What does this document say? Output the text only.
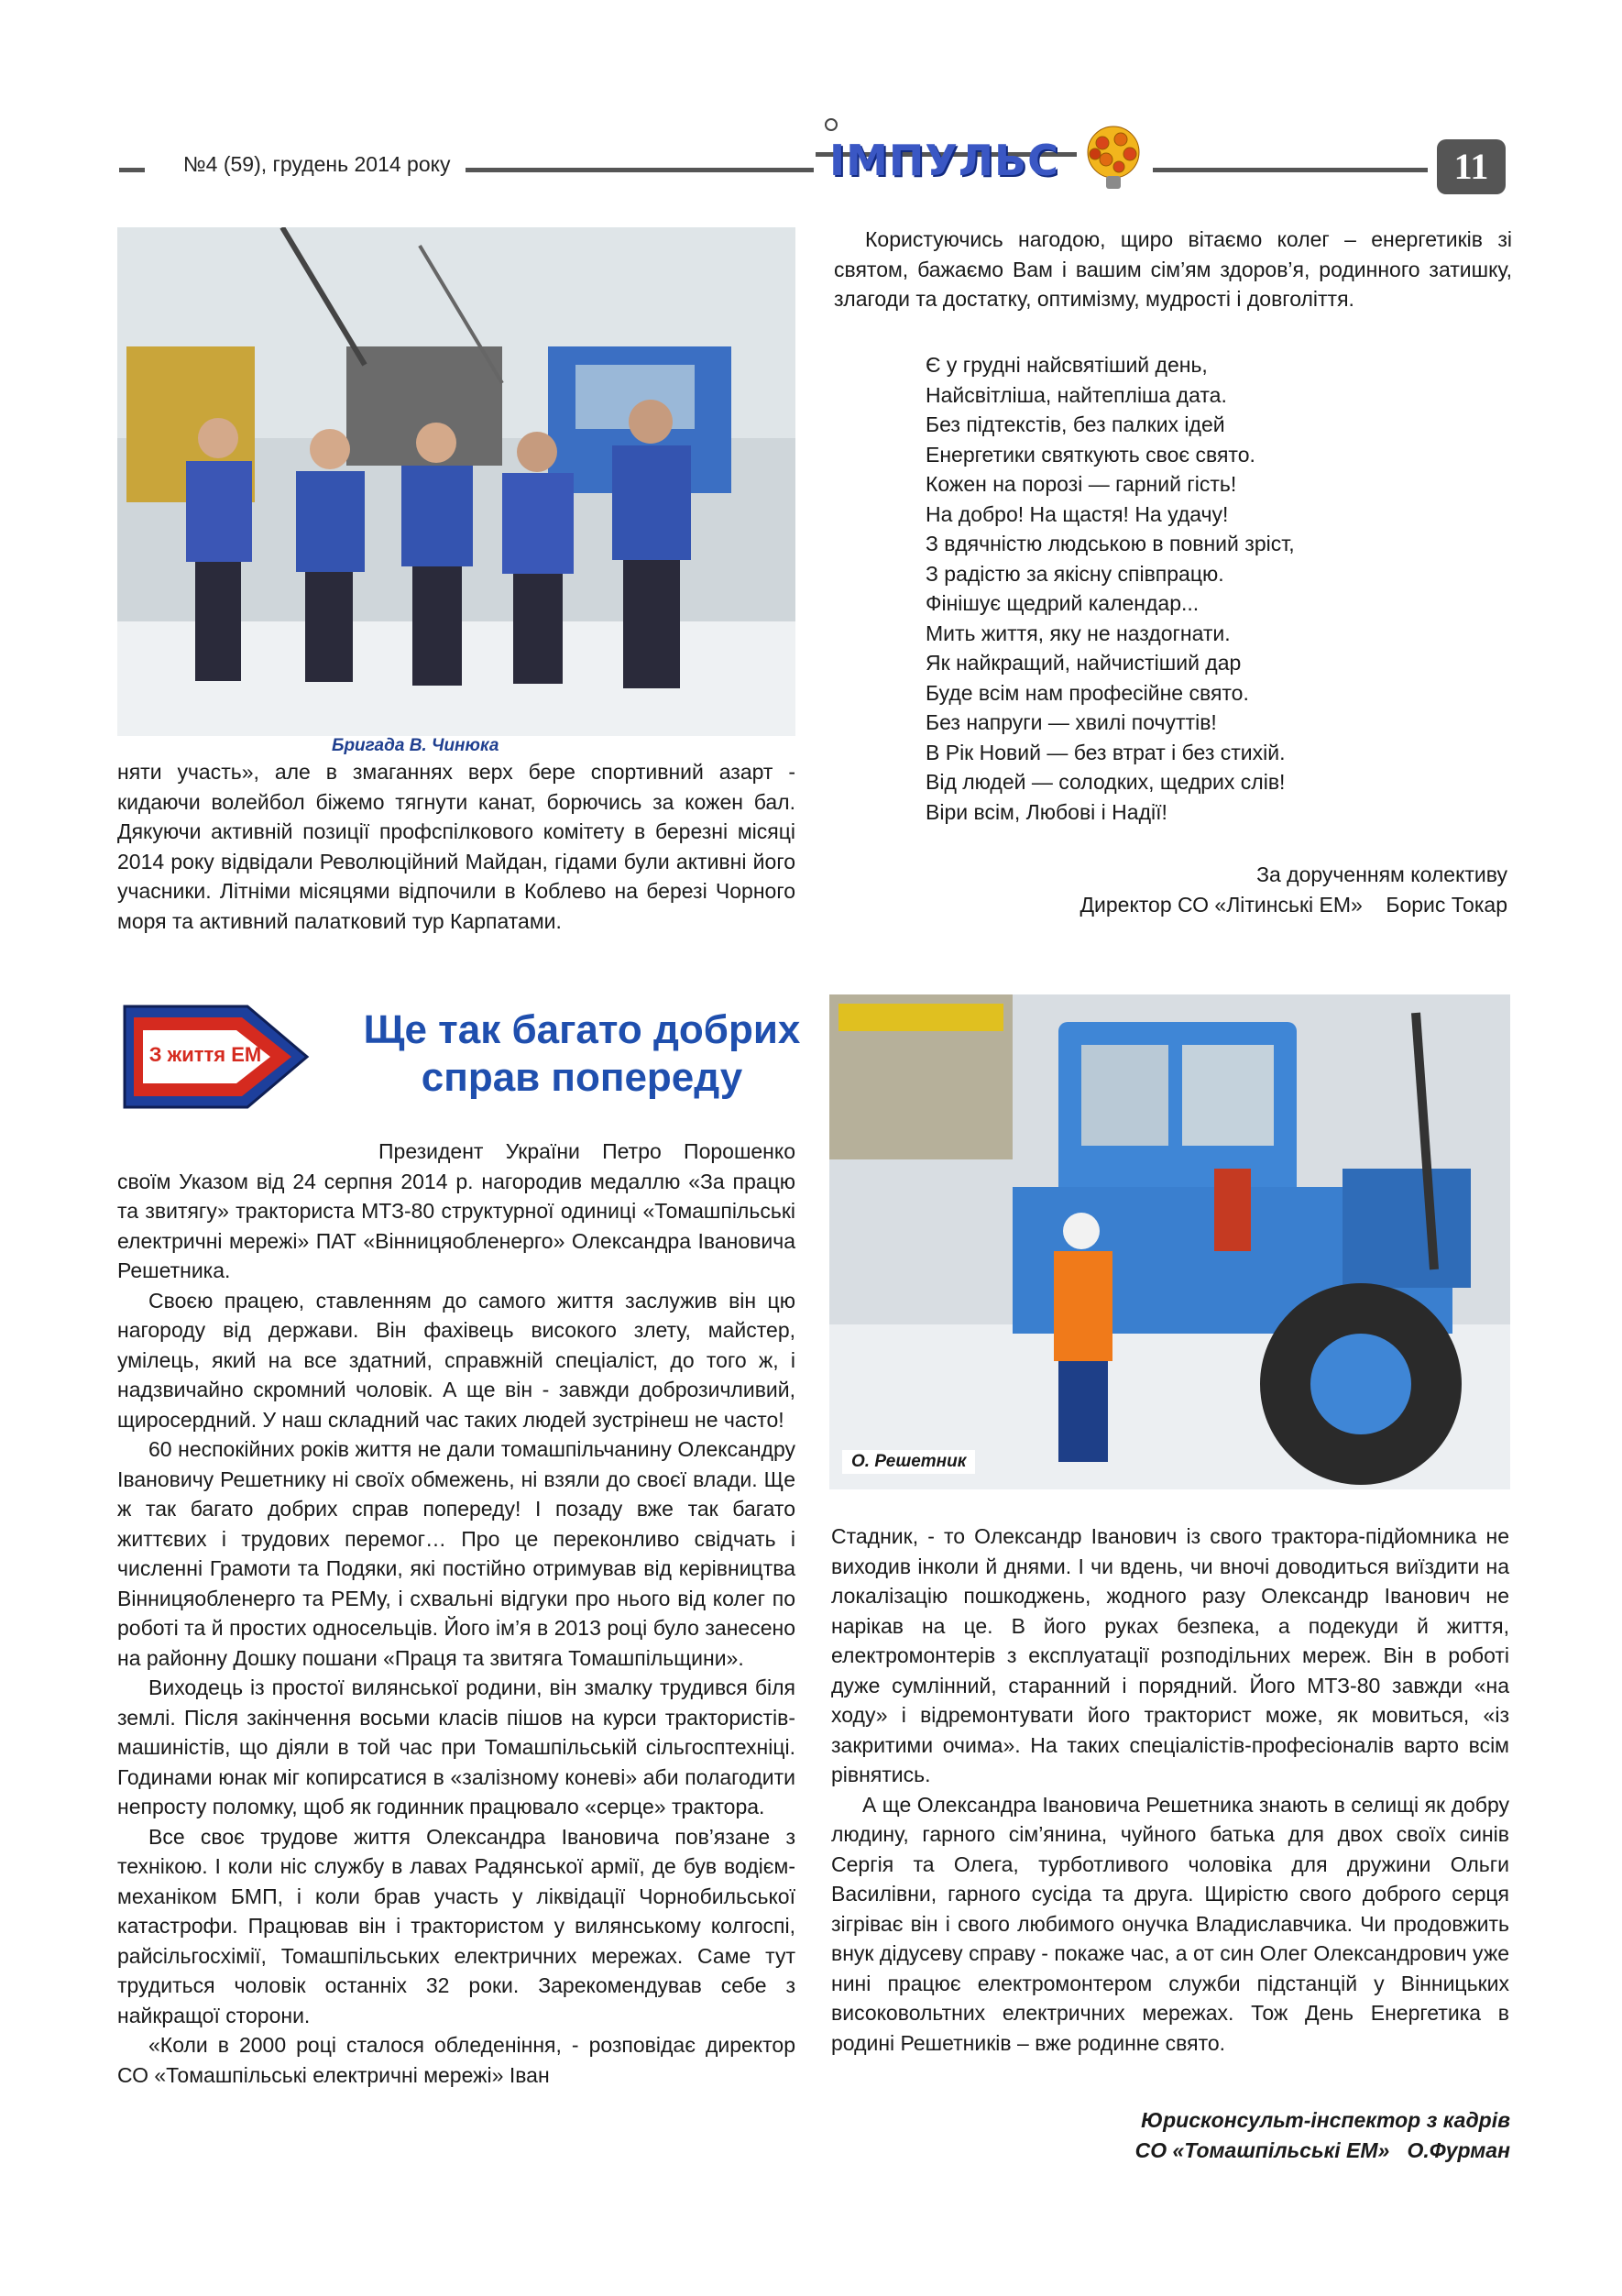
№4 (59), грудень 2014 року	ІМПУЛЬС	11
Бригада В. Чинюка

няти участь», але в змаганнях верх бере спортивний азарт - кидаючи волейбол біжемо тягнути канат, борючись за кожен бал. Дякуючи активній позиції профспілкового комітету в березні місяці 2014 року відвідали Революційний Майдан, гідами були активні його учасники. Літніми місяцями відпочили в Коблево на березі Чорного моря та активний палатковий тур Карпатами.

Користуючись нагодою, щиро вітаємо колег – енергетиків зі святом, бажаємо Вам і вашим сім’ям здоров’я, родинного затишку, злагоди та достатку, оптимізму, мудрості і довголіття.

Є у грудні найсвятіший день,
Найсвітліша, найтепліша дата.
Без підтекстів, без палких ідей
Енергетики святкують своє свято.
Кожен на порозі — гарний гість!
На добро! На щастя! На удачу!
З вдячністю людською в повний зріст,
З радістю за якісну співпрацю.
Фінішує щедрий календар...
Мить життя, яку не наздогнати.
Як найкращий, найчистіший дар
Буде всім нам професійне свято.
Без напруги — хвилі почуттів!
В Рік Новий — без втрат і без стихій.
Від людей — солодких, щедрих слів!
Віри всім, Любові і Надії!
За дорученням колективу
Директор СО «Літинські ЕМ»    Борис Токар
З життя ЕМ
Ще так багато добрих справ попереду

Президент України Петро Порошенко своїм Указом від 24 серпня 2014 р. нагородив медаллю «За працю та звитягу» тракториста МТЗ-80 структурної одиниці «Томашпільські електричні мережі» ПАТ «Вінницяобленерго» Олександра Івановича Решетника.

Своєю працею, ставленням до самого життя заслужив він цю нагороду від держави. Він фахівець високого злету, майстер, умілець, який на все здатний, справжній спеціаліст, до того ж, і надзвичайно скромний чоловік. А ще він - завжди доброзичливий, щиросердний. У наш складний час таких людей зустрінеш не часто!

60 неспокійних років життя не дали томашпільчанину Олександру Івановичу Решетнику ні своїх обмежень, ні взяли до своєї влади. Ще ж так багато добрих справ попереду! І позаду вже так багато життєвих і трудових перемог… Про це переконливо свідчать і численні Грамоти та Подяки, які постійно отримував від керівництва Вінницяобленерго та РЕМу, і схвальні відгуки про нього від колег по роботі та й простих односельців. Його ім’я в 2013 році було занесено на районну Дошку пошани «Праця та звитяга Томашпільщини».

Виходець із простої вилянської родини, він змалку трудився біля землі. Після закінчення восьми класів пішов на курси трактористів-машиністів, що діяли в той час при Томашпільській сільгосптехніці. Годинами юнак міг копирсатися в «залізному коневі» аби полагодити непросту поломку, щоб як годинник працювало «серце» трактора.

Все своє трудове життя Олександра Івановича пов’язане з технікою. І коли ніс службу в лавах Радянської армії, де був водієм-механіком БМП, і коли брав участь у ліквідації Чорнобильської катастрофи. Працював він і трактористом у вилянському колгоспі, райсільгосхімії, Томашпільських електричних мережах. Саме тут трудиться чоловік останніх 32 роки. Зарекомендував себе з найкращої сторони.

«Коли в 2000 році сталося обледеніння, - розповідає директор СО «Томашпільські електричні мережі» Іван

О. Решетник

Стадник, - то Олександр Іванович із свого трактора-підйомника не виходив інколи й днями. І чи вдень, чи вночі доводиться виїздити на локалізацію пошкоджень, жодного разу Олександр Іванович не нарікав на це. В його руках безпека, а подекуди й життя, електромонтерів з експлуатації розподільних мереж. Він в роботі дуже сумлінний, старанний і порядний. Його МТЗ-80 завжди «на ходу» і відремонтувати його тракторист може, як мовиться, «із закритими очима». На таких спеціалістів-професіоналів варто всім рівнятись.

А ще Олександра Івановича Решетника знають в селищі як добру людину, гарного сім’янина, чуйного батька для двох своїх синів Сергія та Олега, турботливого чоловіка для дружини Ольги Василівни, гарного сусіда та друга. Щирістю свого доброго серця зігріває він і свого любимого онучка Владиславчика. Чи продовжить внук дідусеву справу - покаже час, а от син Олег Олександрович уже нині працює електромонтером служби підстанцій у Вінницьких високовольтних електричних мережах. Тож День Енергетика в родині Решетників – вже родинне свято.

Юрисконсульт-інспектор з кадрів
СО «Томашпільські ЕМ»   О.Фурман
